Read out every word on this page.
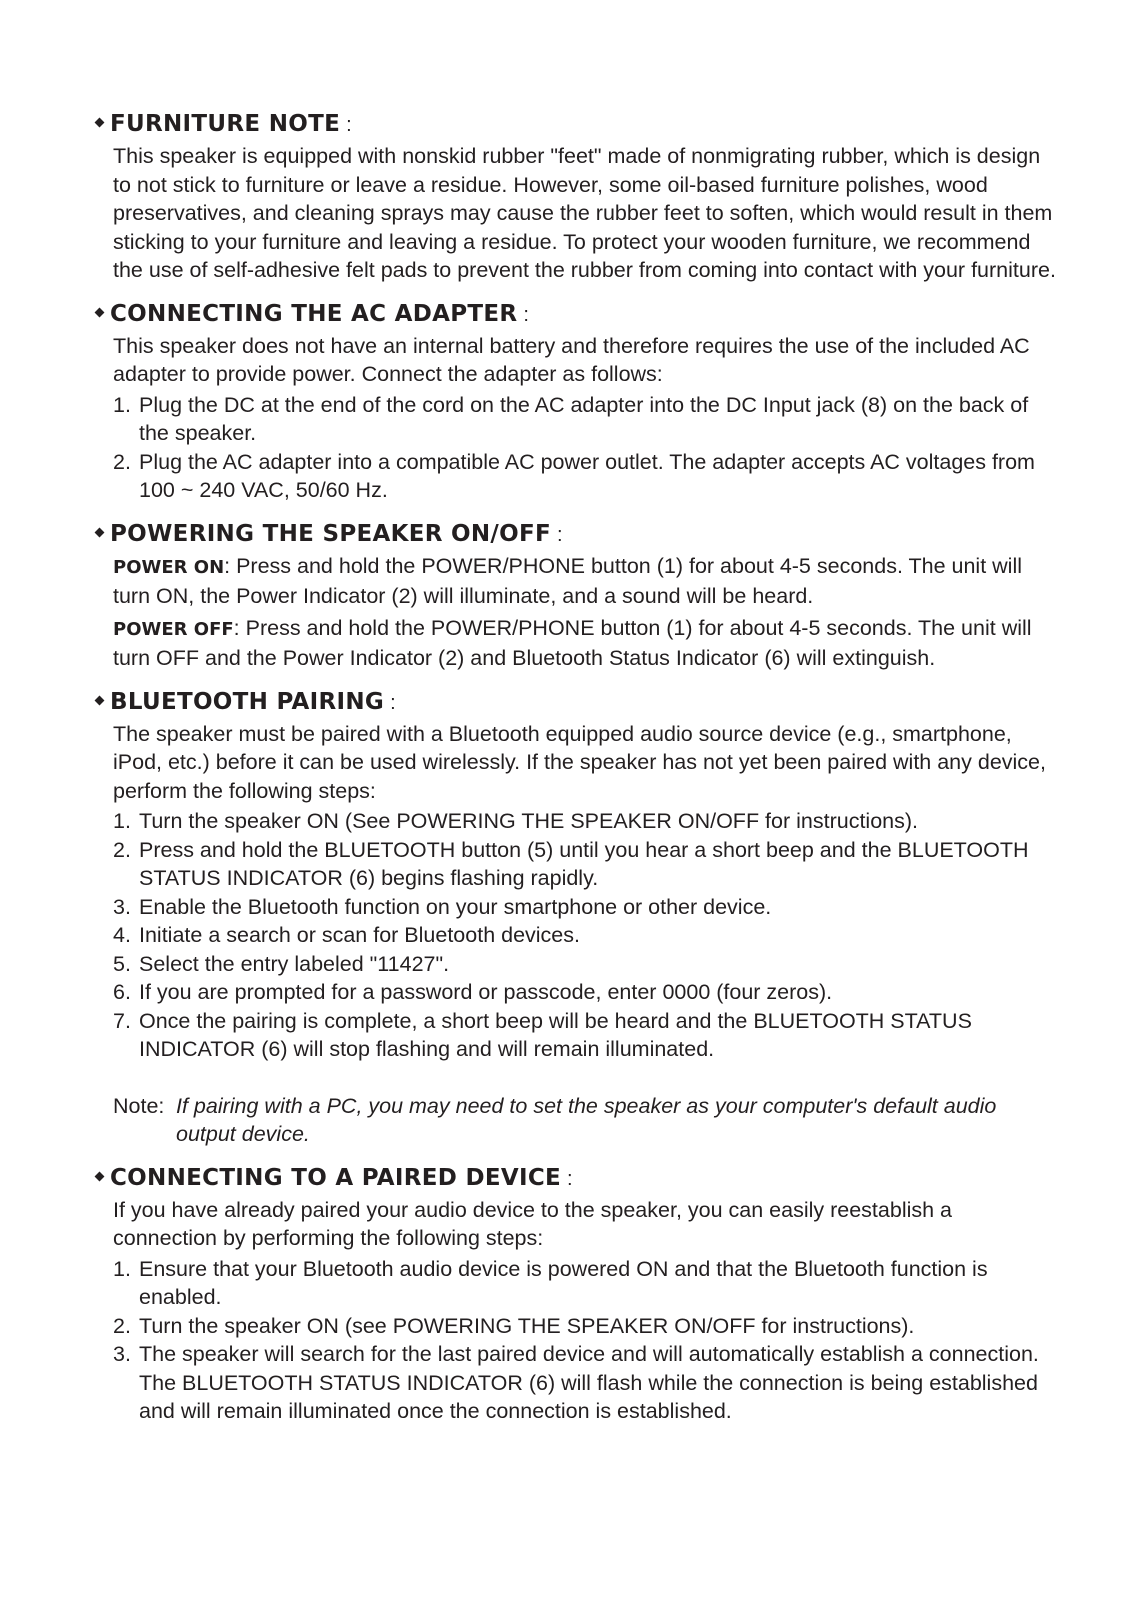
FURNITURE NOTE :

This speaker is equipped with nonskid rubber "feet" made of nonmigrating rubber, which is design to not stick to furniture or leave a residue. However, some oil-based furniture polishes, wood preservatives, and cleaning sprays may cause the rubber feet to soften, which would result in them sticking to your furniture and leaving a residue. To protect your wooden furniture, we recommend the use of self-adhesive felt pads to prevent the rubber from coming into contact with your furniture.

CONNECTING THE AC ADAPTER :

This speaker does not have an internal battery and therefore requires the use of the included AC adapter to provide power. Connect the adapter as follows:

1. Plug the DC at the end of the cord on the AC adapter into the DC Input jack (8) on the back of the speaker.
2. Plug the AC adapter into a compatible AC power outlet. The adapter accepts AC voltages from 100 ~ 240 VAC, 50/60 Hz.
POWERING THE SPEAKER ON/OFF :

POWER ON: Press and hold the POWER/PHONE button (1) for about 4-5 seconds. The unit will turn ON, the Power Indicator (2) will illuminate, and a sound will be heard.

POWER OFF: Press and hold the POWER/PHONE button (1) for about 4-5 seconds. The unit will turn OFF and the Power Indicator (2) and Bluetooth Status Indicator (6) will extinguish.

BLUETOOTH PAIRING :

The speaker must be paired with a Bluetooth equipped audio source device (e.g., smartphone, iPod, etc.) before it can be used wirelessly. If the speaker has not yet been paired with any device, perform the following steps:

1. Turn the speaker ON (See POWERING THE SPEAKER ON/OFF for instructions).
2. Press and hold the BLUETOOTH button (5) until you hear a short beep and the BLUETOOTH STATUS INDICATOR (6) begins flashing rapidly.
3. Enable the Bluetooth function on your smartphone or other device.
4. Initiate a search or scan for Bluetooth devices.
5. Select the entry labeled "11427".
6. If you are prompted for a password or passcode, enter 0000 (four zeros).
7. Once the pairing is complete, a short beep will be heard and the BLUETOOTH STATUS INDICATOR (6) will stop flashing and will remain illuminated.
Note: If pairing with a PC, you may need to set the speaker as your computer's default audio output device.
CONNECTING TO A PAIRED DEVICE :

If you have already paired your audio device to the speaker, you can easily reestablish a connection by performing the following steps:

1. Ensure that your Bluetooth audio device is powered ON and that the Bluetooth function is enabled.
2. Turn the speaker ON (see POWERING THE SPEAKER ON/OFF for instructions).
3. The speaker will search for the last paired device and will automatically establish a connection. The BLUETOOTH STATUS INDICATOR (6) will flash while the connection is being established and will remain illuminated once the connection is established.
